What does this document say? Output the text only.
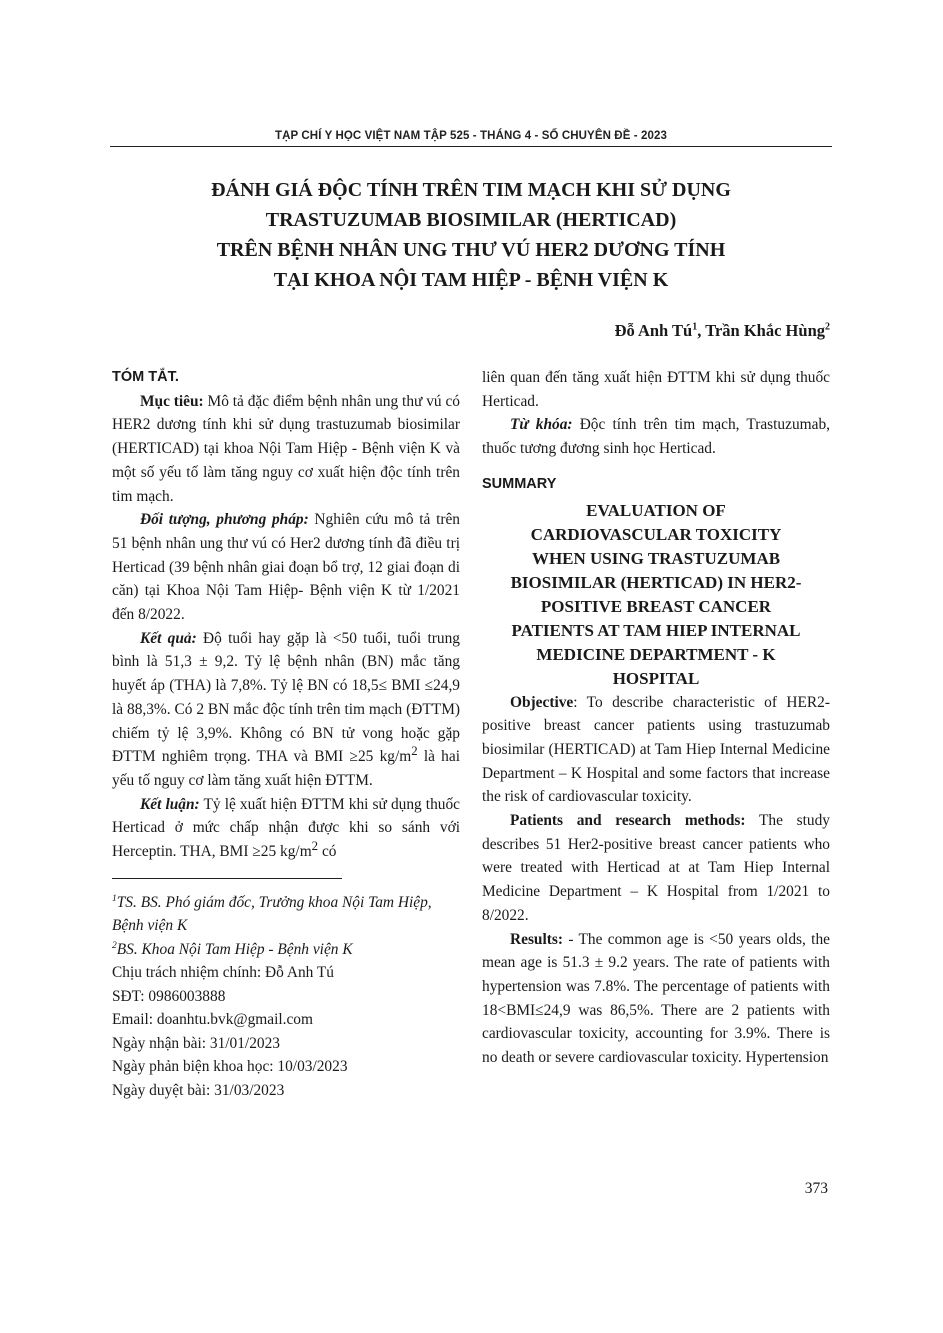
TẠP CHÍ Y HỌC VIỆT NAM TẬP 525 - THÁNG 4 - SỐ CHUYÊN ĐỀ - 2023
ĐÁNH GIÁ ĐỘC TÍNH TRÊN TIM MẠCH KHI SỬ DỤNG
TRASTUZUMAB BIOSIMILAR (HERTICAD)
TRÊN BỆNH NHÂN UNG THƯ VÚ HER2 DƯƠNG TÍNH
TẠI KHOA NỘI TAM HIỆP - BỆNH VIỆN K
Đỗ Anh $Tú^1$, Trần Khắc Hùng$^2$
TÓM TẮT.

Mục tiêu: Mô tả đặc điểm bệnh nhân ung thư vú có HER2 dương tính khi sử dụng trastuzumab biosimilar (HERTICAD) tại khoa Nội Tam Hiệp - Bệnh viện K và một số yếu tố làm tăng nguy cơ xuất hiện độc tính trên tim mạch.

Đối tượng, phương pháp: Nghiên cứu mô tả trên 51 bệnh nhân ung thư vú có Her2 dương tính đã điều trị Herticad (39 bệnh nhân giai đoạn bổ trợ, 12 giai đoạn di căn) tại Khoa Nội Tam Hiệp- Bệnh viện K từ 1/2021 đến 8/2022.

Kết quả: Độ tuổi hay gặp là <50 tuổi, tuổi trung bình là 51,3 ± 9,2. Tỷ lệ bệnh nhân (BN) mắc tăng huyết áp (THA) là 7,8%. Tỷ lệ BN có 18,5≤ BMI ≤24,9 là 88,3%. Có 2 BN mắc độc tính trên tim mạch (ĐTTM) chiếm tỷ lệ 3,9%. Không có BN tử vong hoặc gặp ĐTTM nghiêm trọng. THA và BMI ≥25 $kg/m^2$ là hai yếu tố nguy cơ làm tăng xuất hiện ĐTTM.

Kết luận: Tỷ lệ xuất hiện ĐTTM khi sử dụng thuốc Herticad ở mức chấp nhận được khi so sánh với Herceptin. THA, BMI ≥25 $kg/m^2$ có

$^1$TS. BS. Phó giám đốc, Trưởng khoa Nội Tam Hiệp, Bệnh viện K
$^2$BS. Khoa Nội Tam Hiệp - Bệnh viện K
Chịu trách nhiệm chính: Đỗ Anh Tú
SĐT: 0986003888
Email: doanhtu.bvk@gmail.com
Ngày nhận bài: 31/01/2023
Ngày phản biện khoa học: 10/03/2023
Ngày duyệt bài: 31/03/2023

liên quan đến tăng xuất hiện ĐTTM khi sử dụng thuốc Herticad.

Từ khóa: Độc tính trên tim mạch, Trastuzumab, thuốc tương đương sinh học Herticad.

SUMMARY
EVALUATION OF
CARDIOVASCULAR TOXICITY
WHEN USING TRASTUZUMAB
BIOSIMILAR (HERTICAD) IN HER2-
POSITIVE BREAST CANCER
PATIENTS AT TAM HIEP INTERNAL
MEDICINE DEPARTMENT - K
HOSPITAL

Objective: To describe characteristic of HER2-positive breast cancer patients using trastuzumab biosimilar (HERTICAD) at Tam Hiep Internal Medicine Department – K Hospital and some factors that increase the risk of cardiovascular toxicity.

Patients and research methods: The study describes 51 Her2-positive breast cancer patients who were treated with Herticad at at Tam Hiep Internal Medicine Department – K Hospital from 1/2021 to 8/2022.

Results: - The common age is <50 years olds, the mean age is 51.3 ± 9.2 years. The rate of patients with hypertension was 7.8%. The percentage of patients with 18<BMI≤24,9 was 86,5%. There are 2 patients with cardiovascular toxicity, accounting for 3.9%. There is no death or severe cardiovascular toxicity. Hypertension

373
